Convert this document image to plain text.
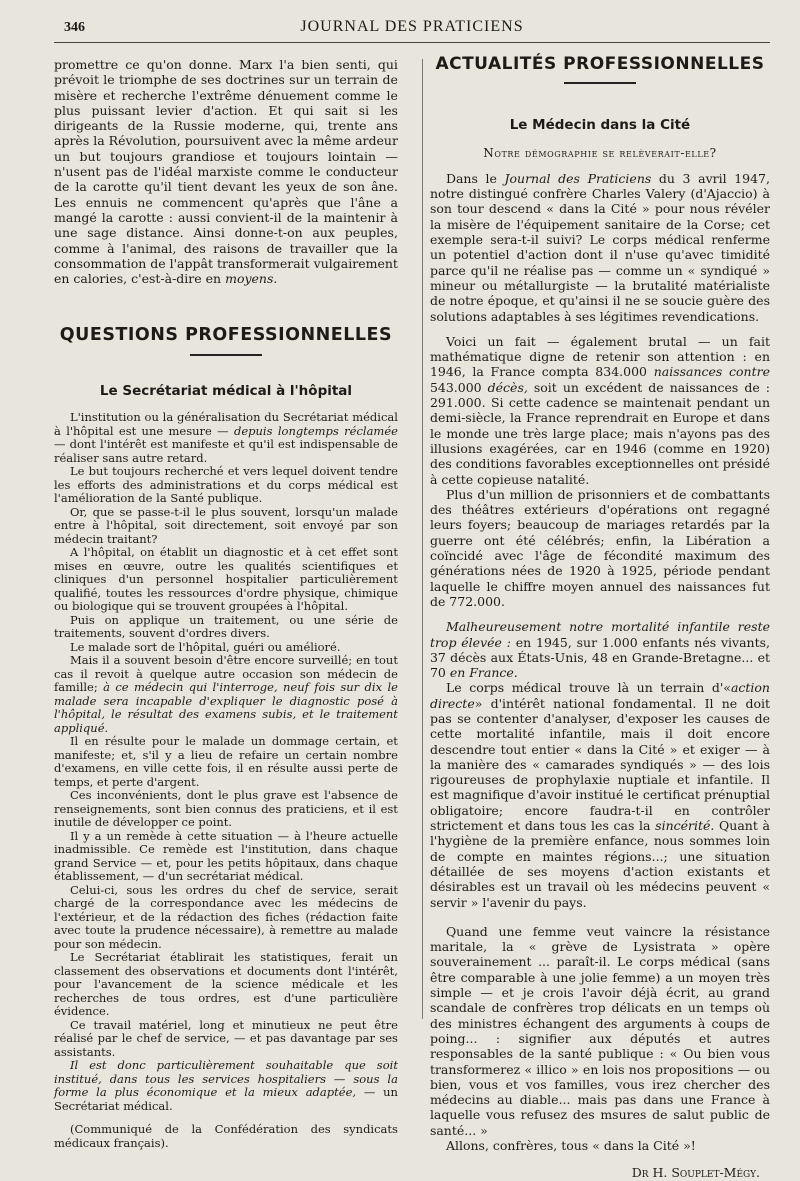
346	JOURNAL DES PRATICIENS

promettre ce qu'on donne. Marx l'a bien senti, qui prévoit le triomphe de ses doctrines sur un terrain de misère et recherche l'extrême dénuement comme le plus puissant levier d'action. Et qui sait si les dirigeants de la Russie moderne, qui, trente ans après la Révolution, poursuivent avec la même ardeur un but toujours grandiose et toujours lointain — n'usent pas de l'idéal marxiste comme le conducteur de la carotte qu'il tient devant les yeux de son âne. Les ennuis ne commencent qu'après que l'âne a mangé la carotte : aussi convient-il de la maintenir à une sage distance. Ainsi donne-t-on aux peuples, comme à l'animal, des raisons de travailler que la consommation de l'appât transformerait vulgairement en calories, c'est-à-dire en moyens.

QUESTIONS PROFESSIONNELLES
Le Secrétariat médical à l'hôpital

L'institution ou la généralisation du Secrétariat médical à l'hôpital est une mesure — depuis longtemps réclamée — dont l'intérêt est manifeste et qu'il est indispensable de réaliser sans autre retard.

Le but toujours recherché et vers lequel doivent tendre les efforts des administrations et du corps médical est l'amélioration de la Santé publique.

Or, que se passe-t-il le plus souvent, lorsqu'un malade entre à l'hôpital, soit directement, soit envoyé par son médecin traitant?

A l'hôpital, on établit un diagnostic et à cet effet sont mises en œuvre, outre les qualités scientifiques et cliniques d'un personnel hospitalier particulièrement qualifié, toutes les ressources d'ordre physique, chimique ou biologique qui se trouvent groupées à l'hôpital.

Puis on applique un traitement, ou une série de traitements, souvent d'ordres divers.

Le malade sort de l'hôpital, guéri ou amélioré.

Mais il a souvent besoin d'être encore surveillé; en tout cas il revoit à quelque autre occasion son médecin de famille; à ce médecin qui l'interroge, neuf fois sur dix le malade sera incapable d'expliquer le diagnostic posé à l'hôpital, le résultat des examens subis, et le traitement appliqué.

Il en résulte pour le malade un dommage certain, et manifeste; et, s'il y a lieu de refaire un certain nombre d'examens, en ville cette fois, il en résulte aussi perte de temps, et perte d'argent.

Ces inconvénients, dont le plus grave est l'absence de renseignements, sont bien connus des praticiens, et il est inutile de développer ce point.

Il y a un remède à cette situation — à l'heure actuelle inadmissible. Ce remède est l'institution, dans chaque grand Service — et, pour les petits hôpitaux, dans chaque établissement, — d'un secrétariat médical.

Celui-ci, sous les ordres du chef de service, serait chargé de la correspondance avec les médecins de l'extérieur, et de la rédaction des fiches (rédaction faite avec toute la prudence nécessaire), à remettre au malade pour son médecin.

Le Secrétariat établirait les statistiques, ferait un classement des observations et documents dont l'intérêt, pour l'avancement de la science médicale et les recherches de tous ordres, est d'une particulière évidence.

Ce travail matériel, long et minutieux ne peut être réalisé par le chef de service, — et pas davantage par ses assistants.

Il est donc particulièrement souhaitable que soit institué, dans tous les services hospitaliers — sous la forme la plus économique et la mieux adaptée, — un Secrétariat médical.

(Communiqué de la Confédération des syndicats médicaux français).

ACTUALITÉS PROFESSIONNELLES
Le Médecin dans la Cité
Notre démographie se relèverait-elle?

Dans le Journal des Praticiens du 3 avril 1947, notre distingué confrère Charles Valery (d'Ajaccio) à son tour descend « dans la Cité » pour nous révéler la misère de l'équipement sanitaire de la Corse; cet exemple sera-t-il suivi? Le corps médical renferme un potentiel d'action dont il n'use qu'avec timidité parce qu'il ne réalise pas — comme un « syndiqué » mineur ou métallurgiste — la brutalité matérialiste de notre époque, et qu'ainsi il ne se soucie guère des solutions adaptables à ses légitimes revendications.

Voici un fait — également brutal — un fait mathématique digne de retenir son attention : en 1946, la France compta 834.000 naissances contre 543.000 décès, soit un excédent de naissances de : 291.000. Si cette cadence se maintenait pendant un demi-siècle, la France reprendrait en Europe et dans le monde une très large place; mais n'ayons pas des illusions exagérées, car en 1946 (comme en 1920) des conditions favorables exceptionnelles ont présidé à cette copieuse natalité.

Plus d'un million de prisonniers et de combattants des théâtres extérieurs d'opérations ont regagné leurs foyers; beaucoup de mariages retardés par la guerre ont été célébrés; enfin, la Libération a coïncidé avec l'âge de fécondité maximum des générations nées de 1920 à 1925, période pendant laquelle le chiffre moyen annuel des naissances fut de 772.000.

Malheureusement notre mortalité infantile reste trop élevée : en 1945, sur 1.000 enfants nés vivants, 37 décès aux États-Unis, 48 en Grande-Bretagne... et 70 en France.

Le corps médical trouve là un terrain d'«action directe» d'intérêt national fondamental. Il ne doit pas se contenter d'analyser, d'exposer les causes de cette mortalité infantile, mais il doit encore descendre tout entier « dans la Cité » et exiger — à la manière des « camarades syndiqués » — des lois rigoureuses de prophylaxie nuptiale et infantile. Il est magnifique d'avoir institué le certificat prénuptial obligatoire; encore faudra-t-il en contrôler strictement et dans tous les cas la sincérité. Quant à l'hygiène de la première enfance, nous sommes loin de compte en maintes régions...; une situation détaillée de ses moyens d'action existants et désirables est un travail où les médecins peuvent « servir » l'avenir du pays.

Quand une femme veut vaincre la résistance maritale, la « grève de Lysistrata » opère souverainement ... paraît-il. Le corps médical (sans être comparable à une jolie femme) a un moyen très simple — et je crois l'avoir déjà écrit, au grand scandale de confrères trop délicats en un temps où des ministres échangent des arguments à coups de poing... : signifier aux députés et autres responsables de la santé publique : « Ou bien vous transformerez « illico » en lois nos propositions — ou bien, vous et vos familles, vous irez chercher des médecins au diable... mais pas dans une France à laquelle vous refusez des msures de salut public de santé... »

Allons, confrères, tous « dans la Cité »!

Dr H. Souplet-Mégy.
